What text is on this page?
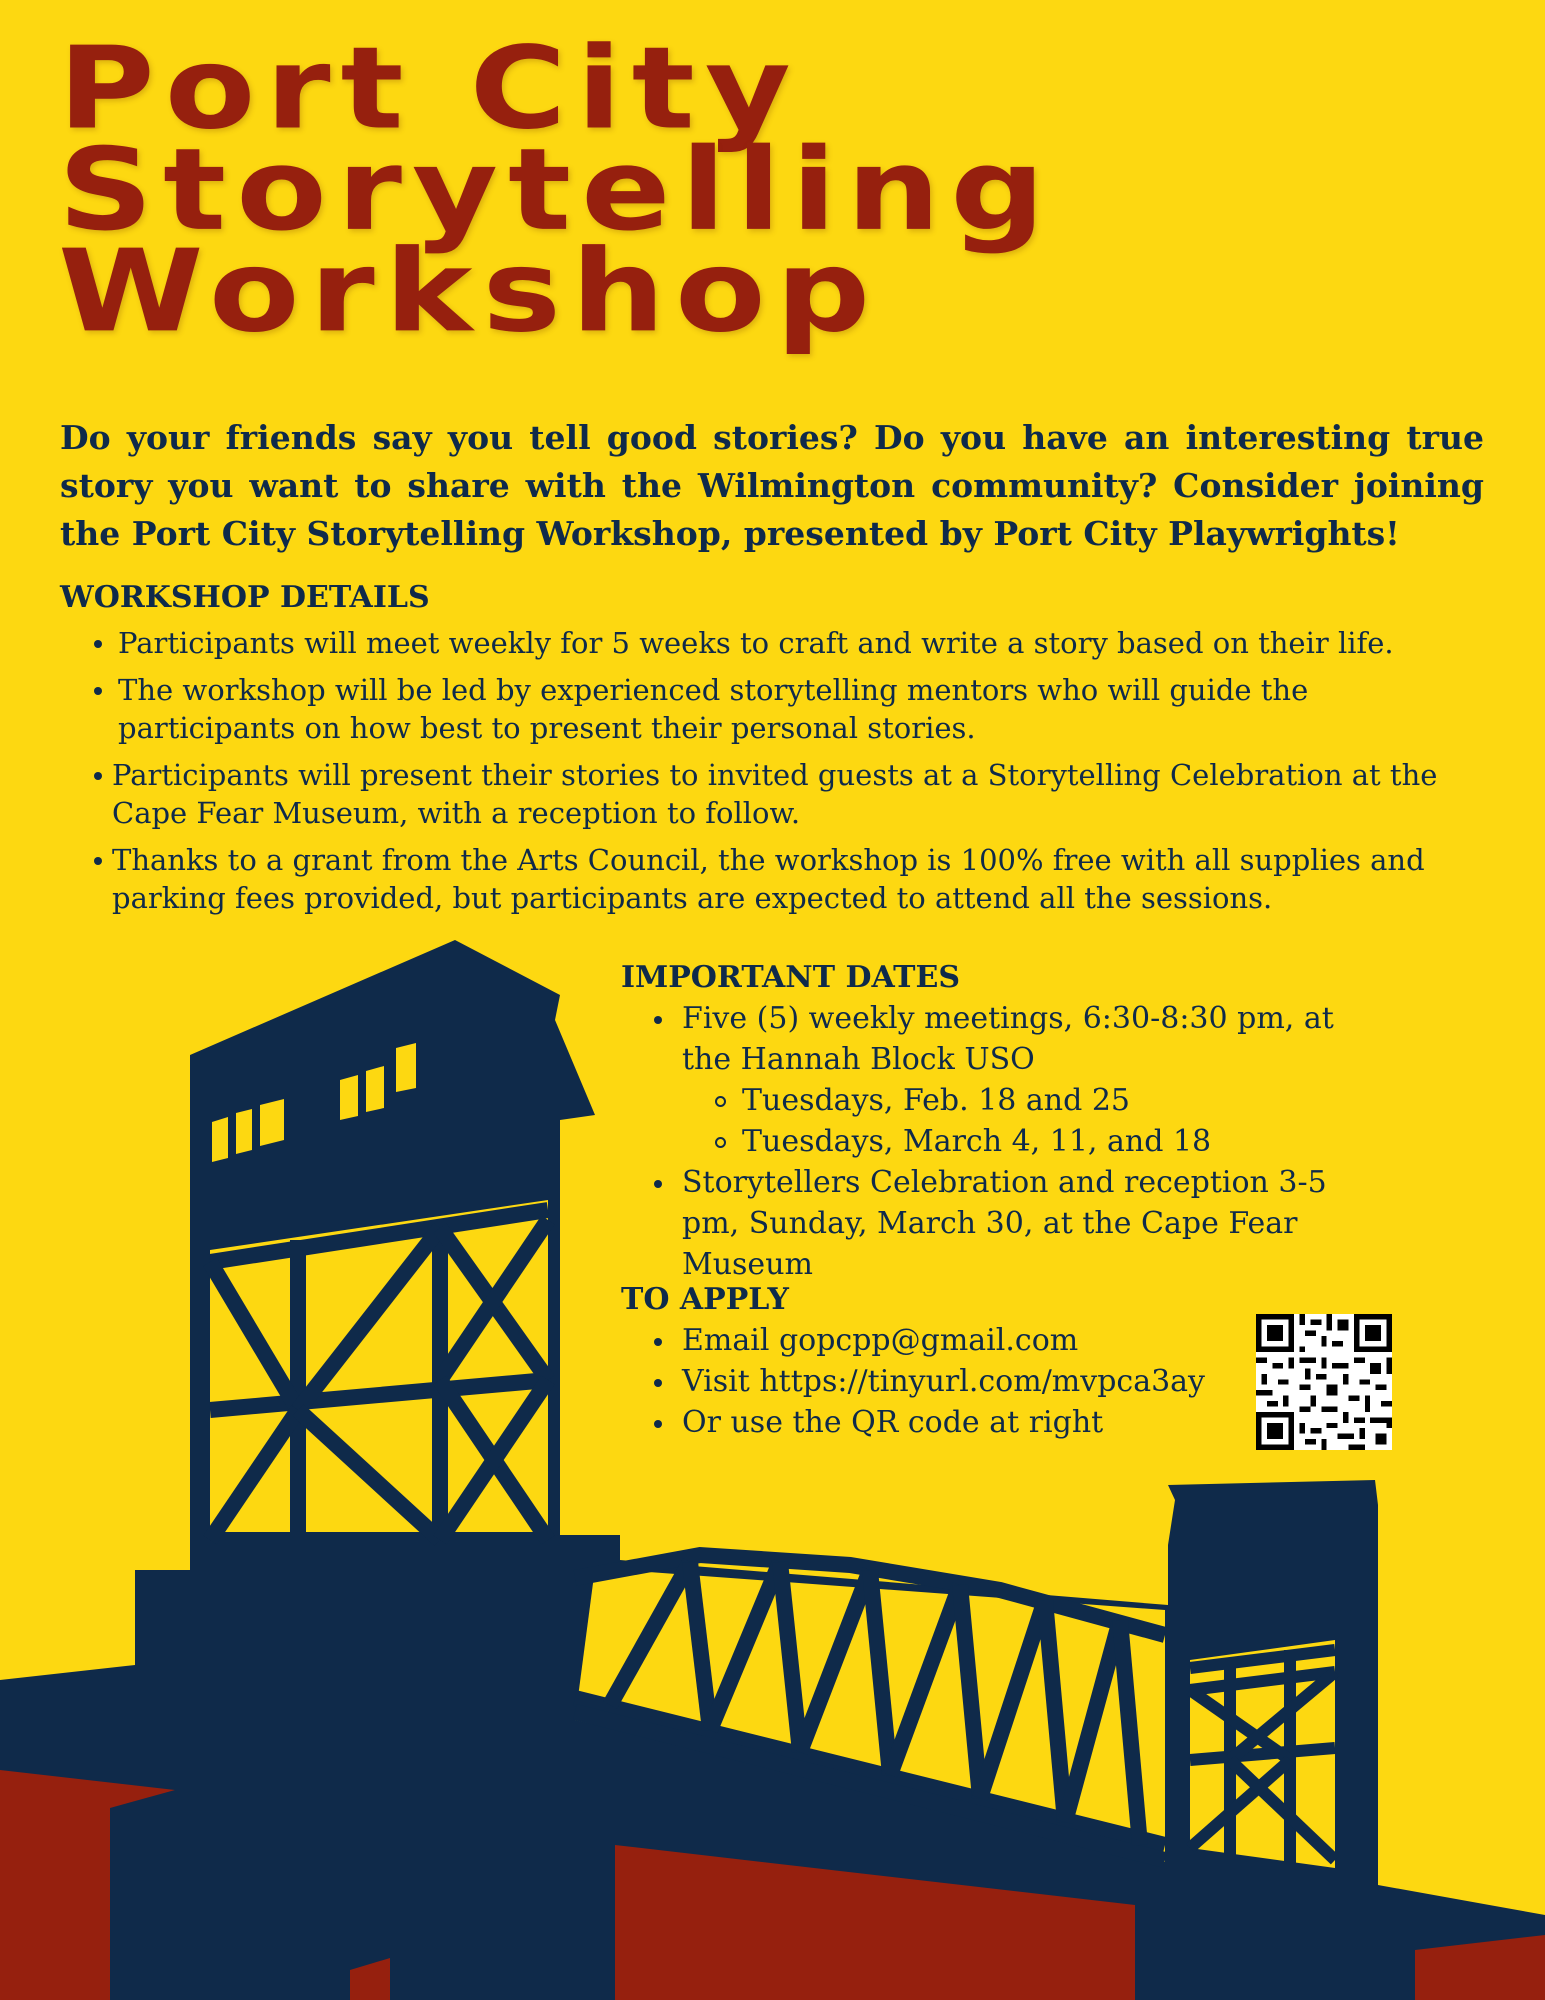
Port City
Storytelling
Workshop

Do your friends say you tell good stories? Do you have an interesting true story you want to share with the Wilmington community? Consider joining the Port City Storytelling Workshop, presented by Port City Playwrights!

WORKSHOP DETAILS
Participants will meet weekly for 5 weeks to craft and write a story based on their life.
The workshop will be led by experienced storytelling mentors who will guide the participants on how best to present their personal stories.
Participants will present their stories to invited guests at a Storytelling Celebration at the Cape Fear Museum, with a reception to follow.
Thanks to a grant from the Arts Council, the workshop is 100% free with all supplies and parking fees provided, but participants are expected to attend all the sessions.
IMPORTANT DATES
Five (5) weekly meetings, 6:30-8:30 pm, at the Hannah Block USO
Tuesdays, Feb. 18 and 25
Tuesdays, March 4, 11, and 18
Storytellers Celebration and reception 3-5 pm, Sunday, March 30, at the Cape Fear Museum
TO APPLY
Email gopcpp@gmail.com
Visit https://tinyurl.com/mvpca3ay
Or use the QR code at right
